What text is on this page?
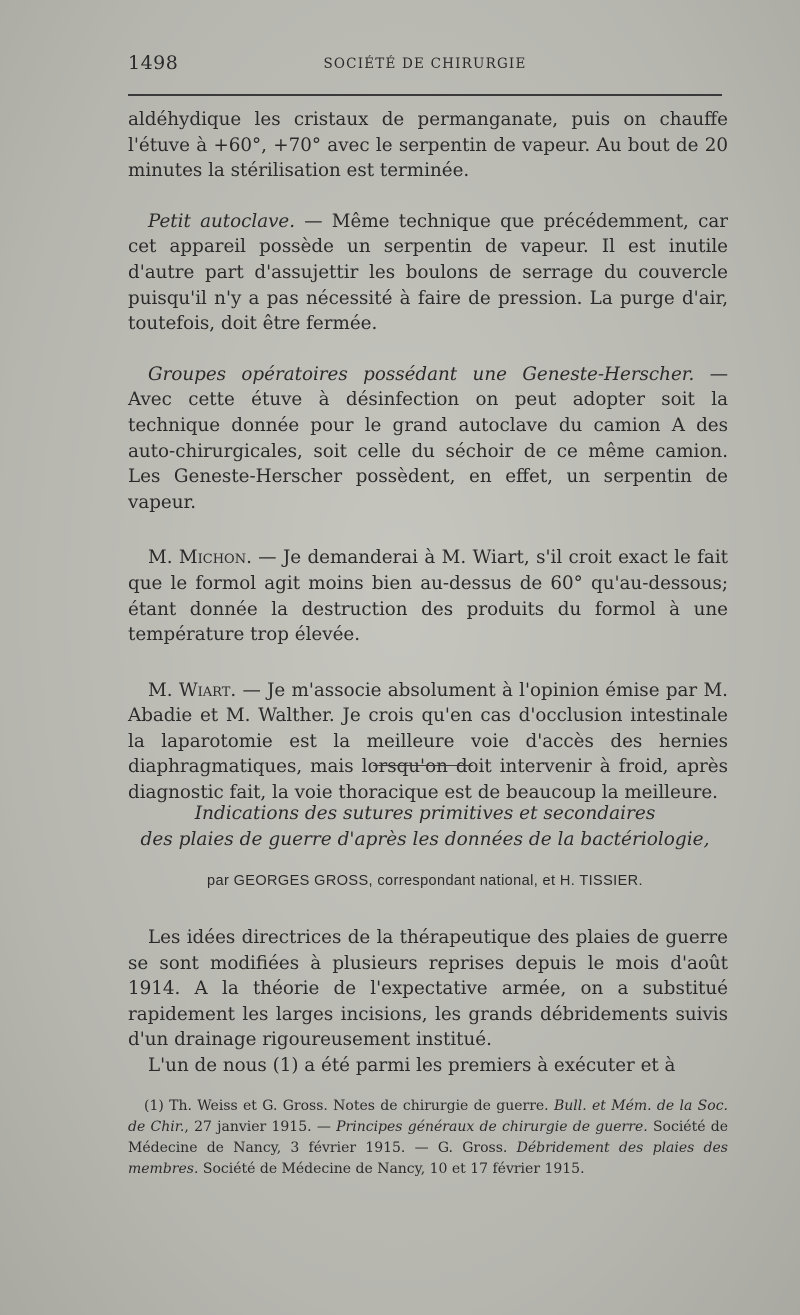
1498	SOCIÉTÉ DE CHIRURGIE

aldéhydique les cristaux de permanganate, puis on chauffe l'étuve à +60°, +70° avec le serpentin de vapeur. Au bout de 20 minutes la stérilisation est terminée.

Petit autoclave. — Même technique que précédemment, car cet appareil possède un serpentin de vapeur. Il est inutile d'autre part d'assujettir les boulons de serrage du couvercle puisqu'il n'y a pas nécessité à faire de pression. La purge d'air, toutefois, doit être fermée.

Groupes opératoires possédant une Geneste-Herscher. — Avec cette étuve à désinfection on peut adopter soit la technique donnée pour le grand autoclave du camion A des auto-chirurgicales, soit celle du séchoir de ce même camion. Les Geneste-Herscher possèdent, en effet, un serpentin de vapeur.

M. Michon. — Je demanderai à M. Wiart, s'il croit exact le fait que le formol agit moins bien au-dessus de 60° qu'au-dessous; étant donnée la destruction des produits du formol à une température trop élevée.

M. Wiart. — Je m'associe absolument à l'opinion émise par M. Abadie et M. Walther. Je crois qu'en cas d'occlusion intestinale la laparotomie est la meilleure voie d'accès des hernies diaphragmatiques, mais lorsqu'on doit intervenir à froid, après diagnostic fait, la voie thoracique est de beaucoup la meilleure.

Indications des sutures primitives et secondaires
des plaies de guerre d'après les données de la bactériologie,
par GEORGES GROSS, correspondant national, et H. TISSIER.

Les idées directrices de la thérapeutique des plaies de guerre se sont modifiées à plusieurs reprises depuis le mois d'août 1914. A la théorie de l'expectative armée, on a substitué rapidement les larges incisions, les grands débridements suivis d'un drainage rigoureusement institué.

L'un de nous (1) a été parmi les premiers à exécuter et à

(1) Th. Weiss et G. Gross. Notes de chirurgie de guerre. Bull. et Mém. de la Soc. de Chir., 27 janvier 1915. — Principes généraux de chirurgie de guerre. Société de Médecine de Nancy, 3 février 1915. — G. Gross. Débridement des plaies des membres. Société de Médecine de Nancy, 10 et 17 février 1915.
